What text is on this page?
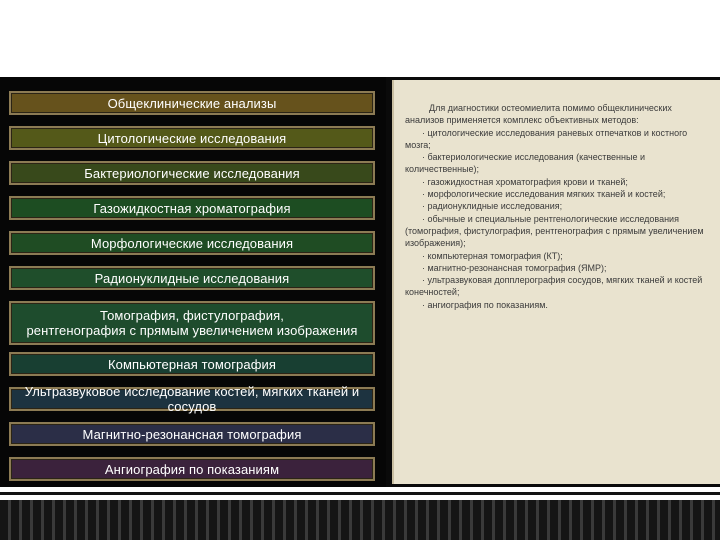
Общеклинические анализы
Цитологические исследования
Бактериологические исследования
Газожидкостная хроматография
Морфологические исследования
Радионуклидные исследования
Томография, фистулография,
рентгенография с прямым увеличением изображения
Компьютерная томография
Ультразвуковое исследование костей, мягких тканей и сосудов
Магнитно-резонансная томография
Ангиография по показаниям

Для диагностики остеомиелита помимо общеклинических анализов применяется комплекс объективных методов:

· цитологические исследования раневых отпечатков и костного мозга;

· бактериологические исследования (качественные и количественные);

· газожидкостная хроматография крови и тканей;

· морфологические исследования мягких тканей и костей;

· радионуклидные исследования;

· обычные и специальные рентгенологические исследования (томография, фистулография, рентгенография с прямым увеличением изображения);

· компьютерная томография (КТ);

· магнитно-резонансная томография (ЯМР);

· ультразвуковая допплерография сосудов, мягких тканей и костей конечностей;

· ангиография по показаниям.
